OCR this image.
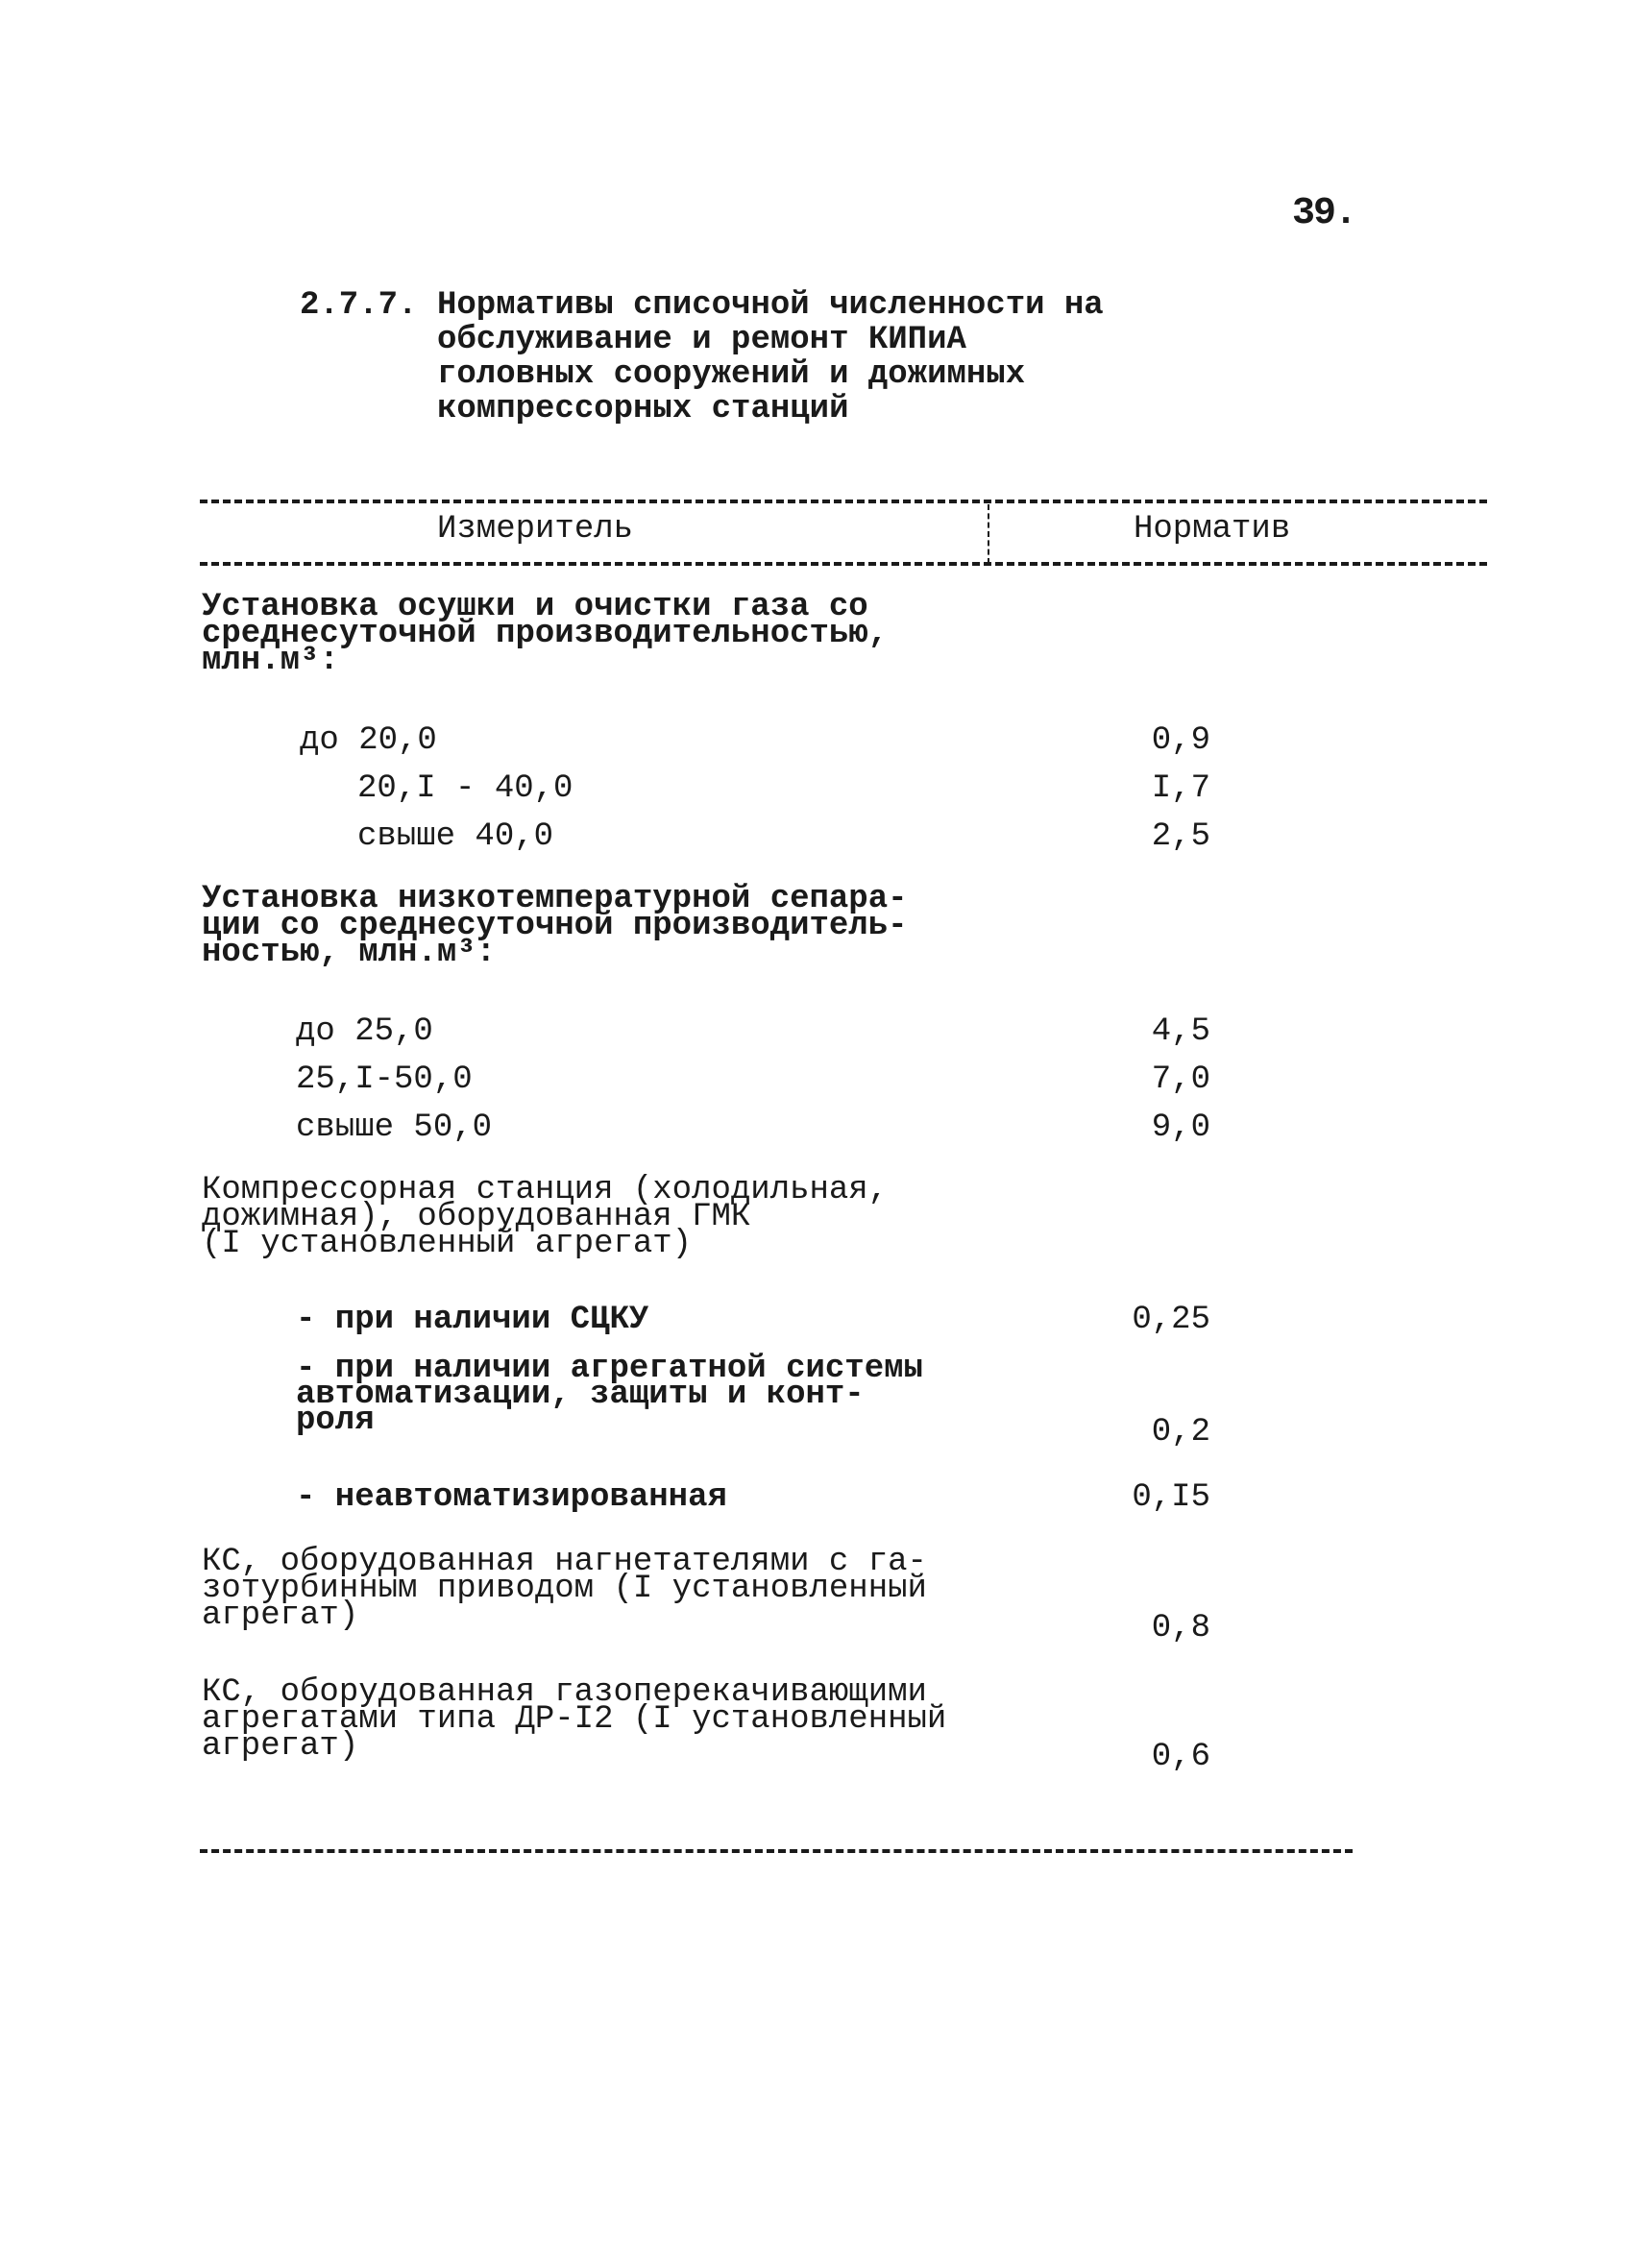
39.
2.7.7. Нормативы списочной численности на
обслуживание и ремонт КИПиА
головных сооружений и дожимных
компрессорных станций
Измеритель	Норматив
Установка осушки и очистки газа со
среднесуточной производительностью,
млн.м³:
до 20,0	0,9
20,I - 40,0	I,7
свыше 40,0	2,5
Установка низкотемпературной сепара-
ции со среднесуточной производитель-
ностью, млн.м³:
до 25,0	4,5
25,I-50,0	7,0
свыше 50,0	9,0
Компрессорная станция (холодильная,
дожимная), оборудованная ГМК
(I установленный агрегат)
- при наличии СЦКУ	0,25
- при наличии агрегатной системы
автоматизации, защиты и конт-
роля	0,2
- неавтоматизированная	0,I5
КС, оборудованная нагнетателями с га-
зотурбинным приводом (I установленный
агрегат)	0,8
КС, оборудованная газоперекачивающими
агрегатами типа ДР-I2 (I установленный
агрегат)	0,6
